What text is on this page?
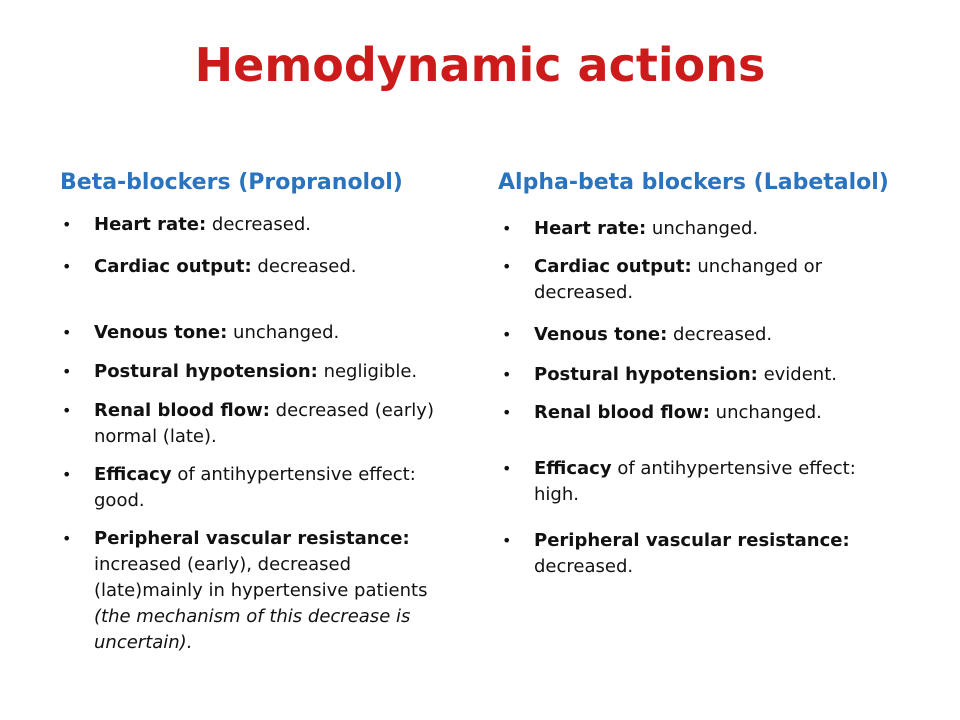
Hemodynamic actions
Beta-blockers (Propranolol)	Alpha-beta blockers (Labetalol)
• Heart rate: decreased.
• Cardiac output: decreased.
• Venous tone: unchanged.
• Postural hypotension: negligible.
• Renal blood flow: decreased (early) normal (late).
• Efficacy of antihypertensive effect: good.
• Peripheral vascular resistance: increased (early), decreased (late)mainly in hypertensive patients (the mechanism of this decrease is uncertain).
• Heart rate: unchanged.
• Cardiac output: unchanged or decreased.
• Venous tone: decreased.
• Postural hypotension: evident.
• Renal blood flow: unchanged.
• Efficacy of antihypertensive effect: high.
• Peripheral vascular resistance: decreased.
